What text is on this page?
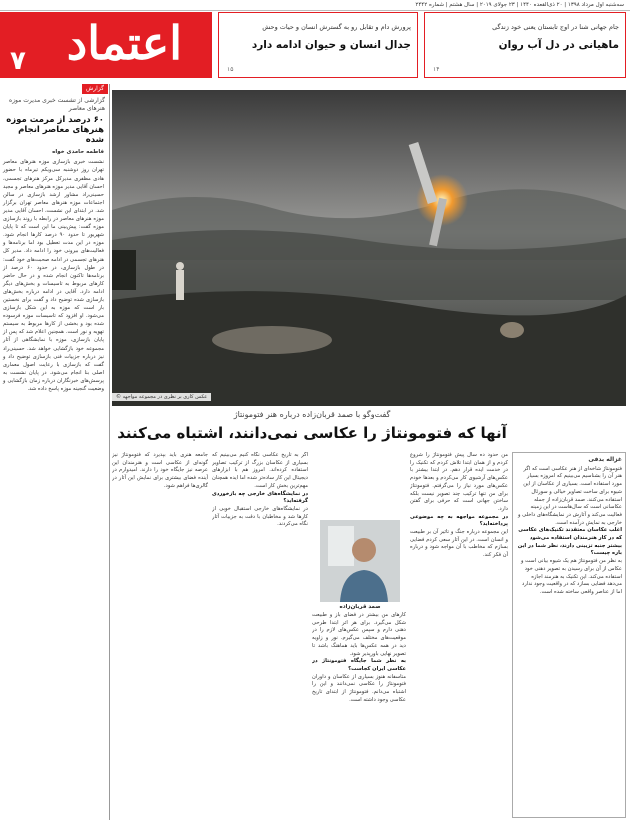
سه‌شنبه اول مرداد ۱۳۹۸ | ۲۰ ذی‌القعده ۱۴۴۰ | ۲۳ جولای ۲۰۱۹ | سال هشتم | شماره ۲۴۴۲
اعتماد
۷
پرورش دام و تقابل رو به گسترش انسان و حیات وحش
جدال انسان و حیوان ادامه دارد
۱۵
جام جهانی شنا در اوج تابستان یعنی خود زندگی
ماهیانی در دل آب روان
۱۴
گزارش
گزارشی از تشست خبری مدیرت موزه هنرهای معاصر
۶۰ درصد از مرمت موزه هنرهای معاصر انجام شده
فاطمه حامدی خواه
نشست خبری بازسازی موزه هنرهای معاصر تهران روز دوشنبه سی‌ویکم تیرماه با حضور هادی مظفری مدیرکل مرکز هنرهای تجسمی، احسان آقایی مدیر موزه هنرهای معاصر و مجید حسینی‌راد مشاور ارشد بازسازی در سالن اجتماعات موزه هنرهای معاصر تهران برگزار شد. در ابتدای این نشست، احسان آقایی مدیر موزه هنرهای معاصر در رابطه با روند بازسازی موزه گفت: پیش‌بینی ما این است که تا پایان شهریور تا حدود ۹۰ درصد کارها انجام شود. موزه در این مدت تعطیل بود اما برنامه‌ها و فعالیت‌های بیرونی خود را ادامه داد. مدیر کل هنرهای تجسمی در ادامه صحبت‌های خود گفت: در طول بازسازی، در حدود ۶۰ درصد از برنامه‌ها تاکنون انجام شده و در حال حاضر کارهای مربوط به تاسیسات و بخش‌های دیگر ادامه دارد. آقایی در ادامه درباره بخش‌های بازسازی شده توضیح داد و گفت برای نخستین بار است که موزه به این شکل بازسازی می‌شود. او افزود که تاسیسات موزه فرسوده شده بود و بخشی از کارها مربوط به سیستم تهویه و نور است. همچنین اعلام شد که پس از پایان بازسازی، موزه با نمایشگاهی از آثار مجموعه خود بازگشایی خواهد شد. حسینی‌راد نیز درباره جزییات فنی بازسازی توضیح داد و گفت که بازسازی با رعایت اصول معماری اصلی بنا انجام می‌شود. در پایان نشست به پرسش‌های خبرنگاران درباره زمان بازگشایی و وضعیت گنجینه موزه پاسخ داده شد.
عکس کاری بر نظری در مجموعه مواجهه ©
گفت‌وگو با صمد قربان‌زاده درباره هنر فتومونتاژ
آنها که فتومونتاژ را عکاسی نمی‌دانند، اشتباه می‌کنند
غزاله بدفی
فتومونتاژ شاخه‌ای از هنر عکاسی است که اگر هنر آن را بشناسیم می‌بینیم که امروزه بسیار مورد استفاده است. بسیاری از عکاسان از این شیوه برای ساخت تصاویر خیالی و سورئال استفاده می‌کنند. صمد قربان‌زاده از جمله عکاسانی است که سال‌هاست در این زمینه فعالیت می‌کند و آثارش در نمایشگاه‌های داخلی و خارجی به نمایش درآمده است.
اغلب عکاسان معتقدند تکنیک‌های عکاسی که در کار هنرمندان استفاده می‌شود بیشتر جنبه تزیینی دارند، نظر شما در این باره چیست؟
به نظر من فتومونتاژ هم یک شیوه بیانی است و عکاس از آن برای رسیدن به تصویر ذهنی خود استفاده می‌کند. این تکنیک به هنرمند اجازه می‌دهد فضایی بسازد که در واقعیت وجود ندارد اما از عناصر واقعی ساخته شده است.
من حدود ده سال پیش فتومونتاژ را شروع کردم و از همان ابتدا تلاش کردم که تکنیک را در خدمت ایده قرار دهم. در ابتدا بیشتر با عکس‌های آرشیوی کار می‌کردم و بعدها خودم عکس‌های مورد نیاز را می‌گرفتم. فتومونتاژ برای من تنها ترکیب چند تصویر نیست بلکه ساختن جهانی است که حرفی برای گفتن دارد.
در مجموعه مواجهه به چه موضوعی پرداخته‌اید؟
این مجموعه درباره جنگ و تاثیر آن بر طبیعت و انسان است. در این آثار سعی کردم فضایی بسازم که مخاطب با آن مواجه شود و درباره آن فکر کند.
کارهای من بیشتر در فضای باز و طبیعت شکل می‌گیرد. برای هر اثر ابتدا طرحی ذهنی دارم و سپس عکس‌های لازم را در موقعیت‌های مختلف می‌گیرم. نور و زاویه دید در همه عکس‌ها باید هماهنگ باشد تا تصویر نهایی باورپذیر شود.
به نظر شما جایگاه فتومونتاژ در عکاسی ایران کجاست؟
متاسفانه هنوز بسیاری از عکاسان و داوران فتومونتاژ را عکاسی نمی‌دانند و این را اشتباه می‌دانم. فتومونتاژ از ابتدای تاریخ عکاسی وجود داشته است.
اگر به تاریخ عکاسی نگاه کنیم می‌بینیم که بسیاری از عکاسان بزرگ از ترکیب تصاویر استفاده کرده‌اند. امروز هم با ابزارهای دیجیتال این کار ساده‌تر شده اما ایده همچنان مهم‌ترین بخش کار است.
در نمایشگاه‌های خارجی چه بازخوردی گرفته‌اید؟
در نمایشگاه‌های خارجی استقبال خوبی از کارها شد و مخاطبان با دقت به جزییات آثار نگاه می‌کردند.
جامعه هنری باید بپذیرد که فتومونتاژ نیز گونه‌ای از عکاسی است و هنرمندان این عرصه نیز جایگاه خود را دارند. امیدوارم در آینده فضای بیشتری برای نمایش این آثار در گالری‌ها فراهم شود.
صمد قربان‌زاده
